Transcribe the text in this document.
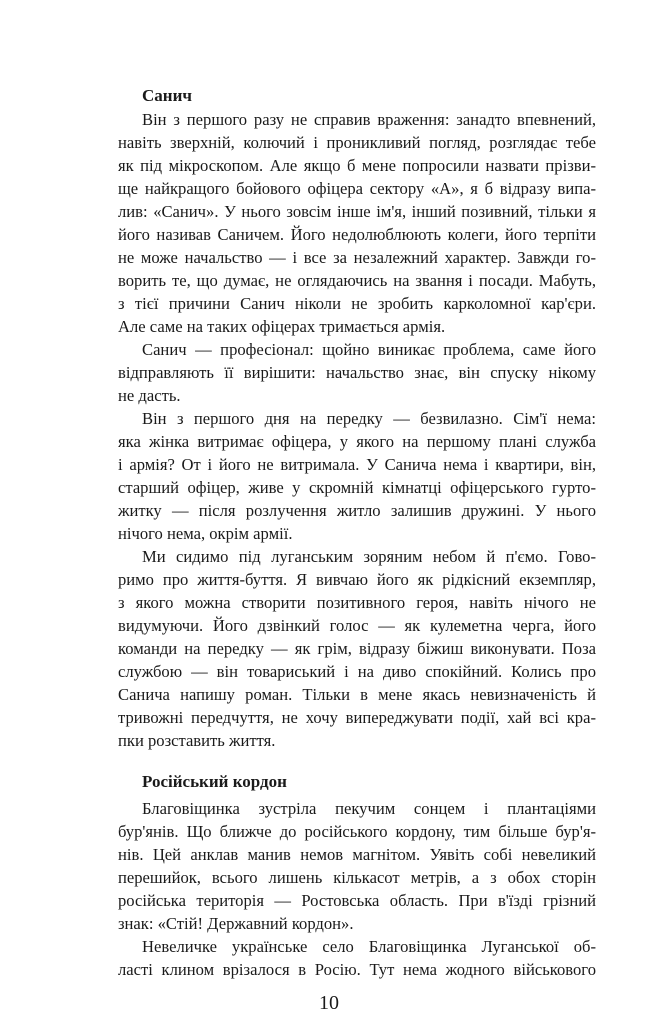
Санич

Він з першого разу не справив враження: занадто впевнений,

навіть зверхній, колючий і проникливий погляд, розглядає тебе

як під мікроскопом. Але якщо б мене попросили назвати прізви-

ще найкращого бойового офіцера сектору «А», я б відразу випа-

лив: «Санич». У нього зовсім інше ім'я, інший позивний, тільки я

його називав Саничем. Його недолюблюють колеги, його терпіти

не може начальство — і все за незалежний характер. Завжди го-

ворить те, що думає, не оглядаючись на звання і посади. Мабуть,

з тієї причини Санич ніколи не зробить карколомної кар'єри.

Але саме на таких офіцерах тримається армія.

Санич — професіонал: щойно виникає проблема, саме його

відправляють її вирішити: начальство знає, він спуску нікому

не дасть.

Він з першого дня на передку — безвилазно. Сім'ї нема:

яка жінка витримає офіцера, у якого на першому плані служба

і армія? От і його не витримала. У Санича нема і квартири, він,

старший офіцер, живе у скромній кімнатці офіцерського гурто-

житку — після розлучення житло залишив дружині. У нього

нічого нема, окрім армії.

Ми сидимо під луганським зоряним небом й п'ємо. Гово-

римо про життя-буття. Я вивчаю його як рідкісний екземпляр,

з якого можна створити позитивного героя, навіть нічого не

видумуючи. Його дзвінкий голос — як кулеметна черга, його

команди на передку — як грім, відразу біжиш виконувати. Поза

службою — він товариський і на диво спокійний. Колись про

Санича напишу роман. Тільки в мене якась невизначеність й

тривожні передчуття, не хочу випереджувати події, хай всі кра-

пки розставить життя.

Російський кордон

Благовіщинка зустріла пекучим сонцем і плантаціями

бур'янів. Що ближче до російського кордону, тим більше бур'я-

нів. Цей анклав манив немов магнітом. Уявіть собі невеликий

перешийок, всього лишень кількасот метрів, а з обох сторін

російська територія — Ростовська область. При в'їзді грізний

знак: «Стій! Державний кордон».

Невеличке українське село Благовіщинка Луганської об-

ласті клином врізалося в Росію. Тут нема жодного військового

10
